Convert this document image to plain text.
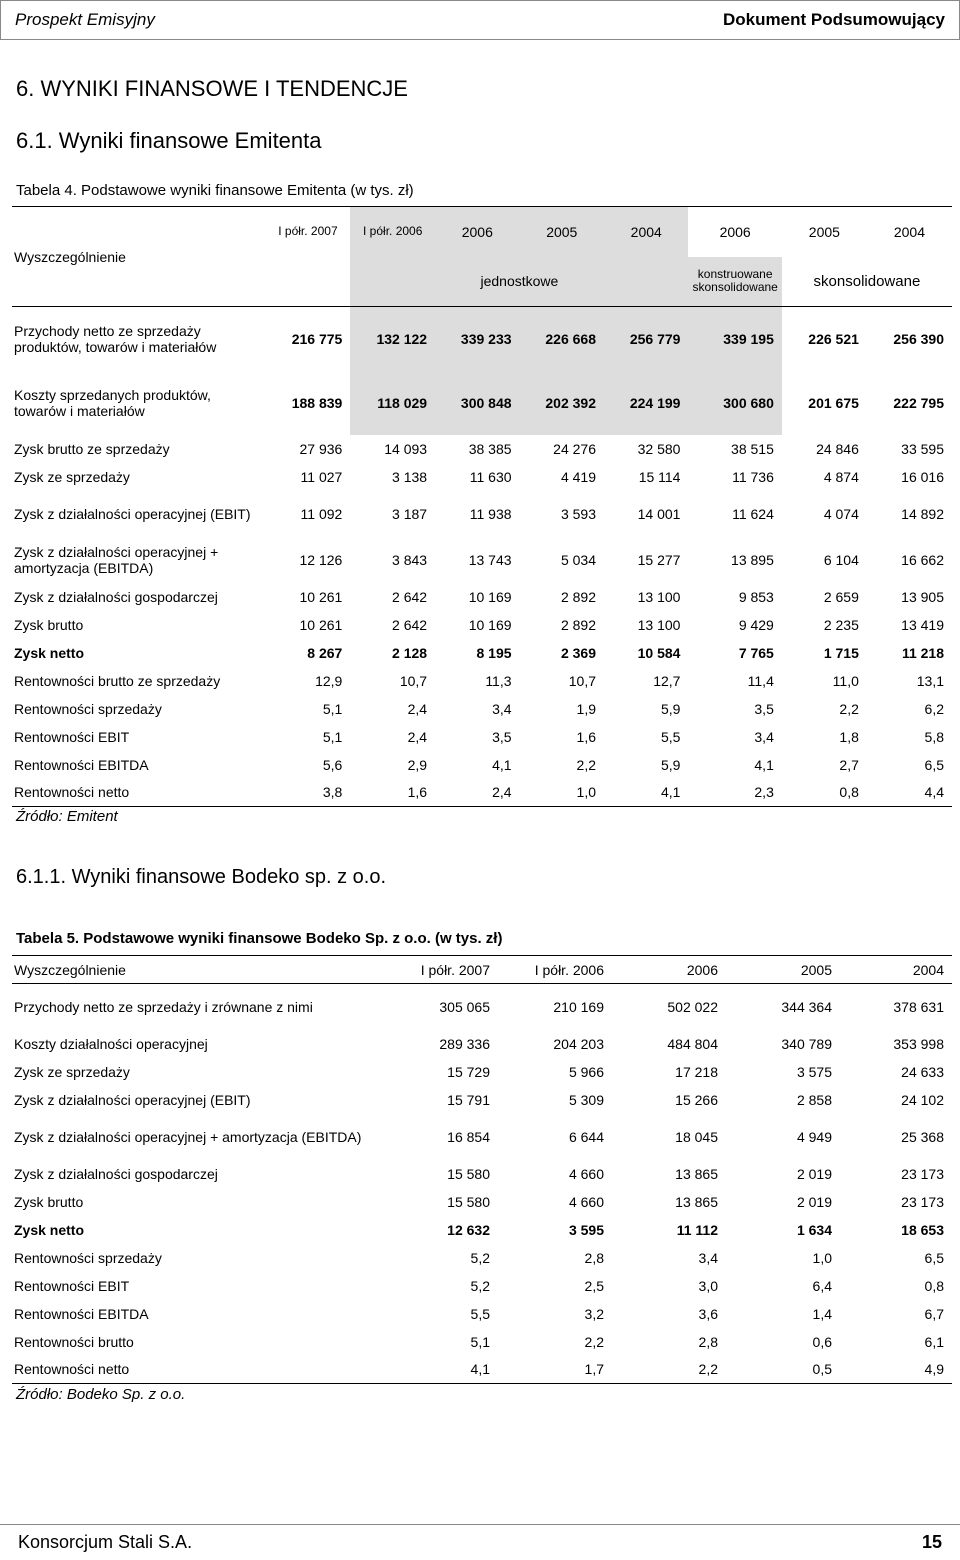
Prospekt Emisyjny	Dokument Podsumowujący
6. WYNIKI FINANSOWE I TENDENCJE
6.1. Wyniki finansowe Emitenta
Tabela 4. Podstawowe wyniki finansowe Emitenta (w tys. zł)
Wyszczególnienie	I półr. 2007	I półr. 2006	2006	2005	2004	2006	2005	2004
		jednostkowe				konstruowane skonsolidowane	skonsolidowane	
Przychody netto ze sprzedaży produktów, towarów i materiałów	216 775	132 122	339 233	226 668	256 779	339 195	226 521	256 390
Koszty sprzedanych produktów, towarów i materiałów	188 839	118 029	300 848	202 392	224 199	300 680	201 675	222 795
Zysk brutto ze sprzedaży	27 936	14 093	38 385	24 276	32 580	38 515	24 846	33 595
Zysk ze sprzedaży	11 027	3 138	11 630	4 419	15 114	11 736	4 874	16 016
Zysk z działalności operacyjnej (EBIT)	11 092	3 187	11 938	3 593	14 001	11 624	4 074	14 892
Zysk z działalności operacyjnej + amortyzacja (EBITDA)	12 126	3 843	13 743	5 034	15 277	13 895	6 104	16 662
Zysk z działalności gospodarczej	10 261	2 642	10 169	2 892	13 100	9 853	2 659	13 905
Zysk brutto	10 261	2 642	10 169	2 892	13 100	9 429	2 235	13 419
Zysk netto	8 267	2 128	8 195	2 369	10 584	7 765	1 715	11 218
Rentowności brutto ze sprzedaży	12,9	10,7	11,3	10,7	12,7	11,4	11,0	13,1
Rentowności sprzedaży	5,1	2,4	3,4	1,9	5,9	3,5	2,2	6,2
Rentowności EBIT	5,1	2,4	3,5	1,6	5,5	3,4	1,8	5,8
Rentowności EBITDA	5,6	2,9	4,1	2,2	5,9	4,1	2,7	6,5
Rentowności netto	3,8	1,6	2,4	1,0	4,1	2,3	0,8	4,4
Źródło: Emitent
6.1.1. Wyniki finansowe Bodeko sp. z o.o.
Tabela 5. Podstawowe wyniki finansowe Bodeko Sp. z o.o. (w tys. zł)
Wyszczególnienie	I półr. 2007	I półr. 2006	2006	2005	2004
Przychody netto ze sprzedaży i zrównane z nimi	305 065	210 169	502 022	344 364	378 631
Koszty działalności operacyjnej	289 336	204 203	484 804	340 789	353 998
Zysk ze sprzedaży	15 729	5 966	17 218	3 575	24 633
Zysk z działalności operacyjnej (EBIT)	15 791	5 309	15 266	2 858	24 102
Zysk z działalności operacyjnej + amortyzacja (EBITDA)	16 854	6 644	18 045	4 949	25 368
Zysk z działalności gospodarczej	15 580	4 660	13 865	2 019	23 173
Zysk brutto	15 580	4 660	13 865	2 019	23 173
Zysk netto	12 632	3 595	11 112	1 634	18 653
Rentowności sprzedaży	5,2	2,8	3,4	1,0	6,5
Rentowności EBIT	5,2	2,5	3,0	6,4	0,8
Rentowności EBITDA	5,5	3,2	3,6	1,4	6,7
Rentowności brutto	5,1	2,2	2,8	0,6	6,1
Rentowności netto	4,1	1,7	2,2	0,5	4,9
Źródło: Bodeko Sp. z o.o.
Konsorcjum Stali S.A.	15
